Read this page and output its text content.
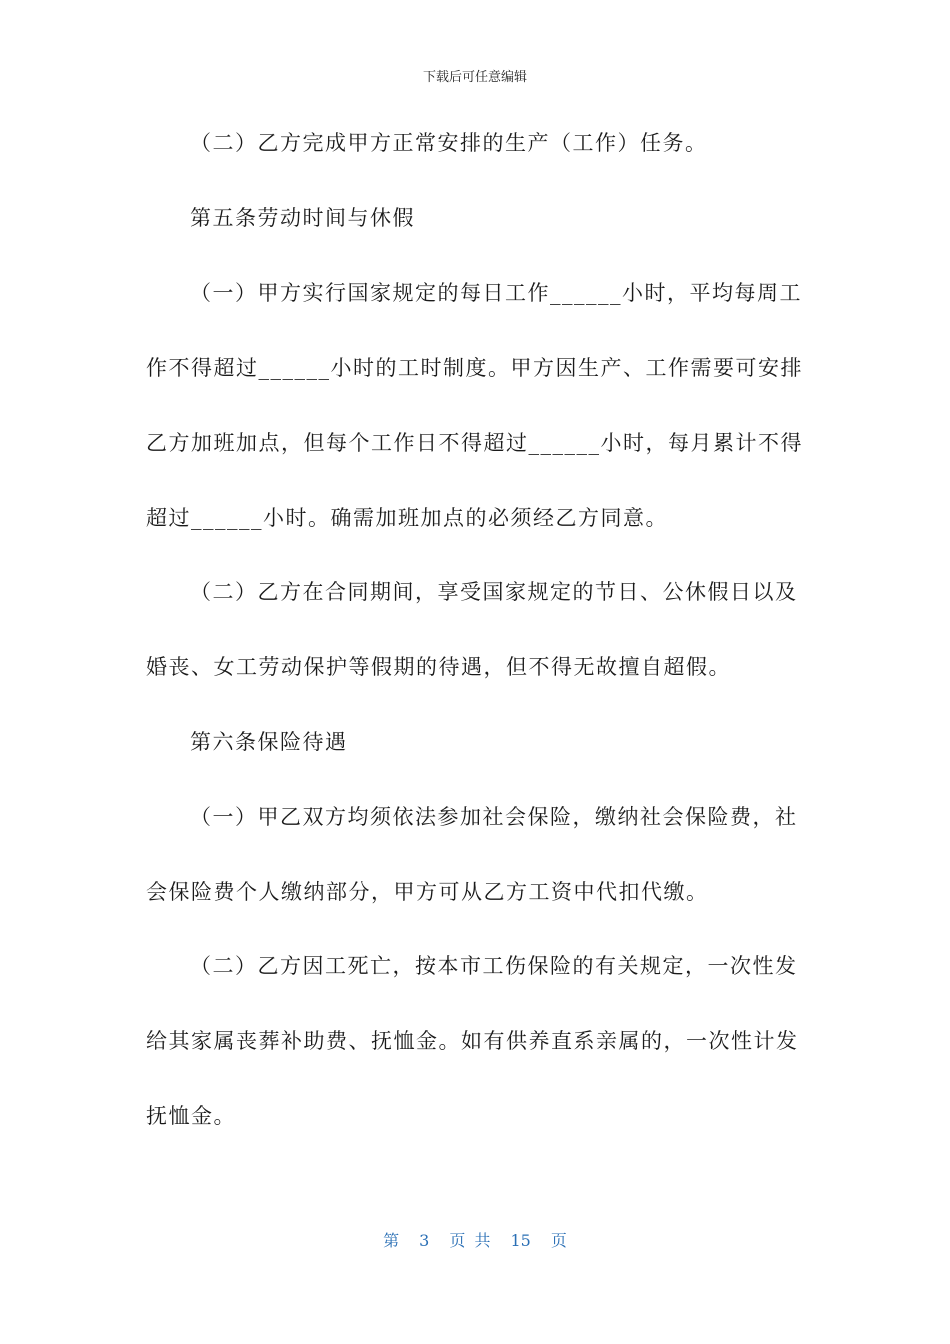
下载后可任意编辑
（二）乙方完成甲方正常安排的生产（工作）任务。
第五条劳动时间与休假
（一）甲方实行国家规定的每日工作______小时，平均每周工
作不得超过______小时的工时制度。甲方因生产、工作需要可安排
乙方加班加点，但每个工作日不得超过______小时，每月累计不得
超过______小时。确需加班加点的必须经乙方同意。
（二）乙方在合同期间，享受国家规定的节日、公休假日以及
婚丧、女工劳动保护等假期的待遇，但不得无故擅自超假。
第六条保险待遇
（一）甲乙双方均须依法参加社会保险，缴纳社会保险费，社
会保险费个人缴纳部分，甲方可从乙方工资中代扣代缴。
（二）乙方因工死亡，按本市工伤保险的有关规定，一次性发
给其家属丧葬补助费、抚恤金。如有供养直系亲属的，一次性计发
抚恤金。
第 3 页 共 15 页
